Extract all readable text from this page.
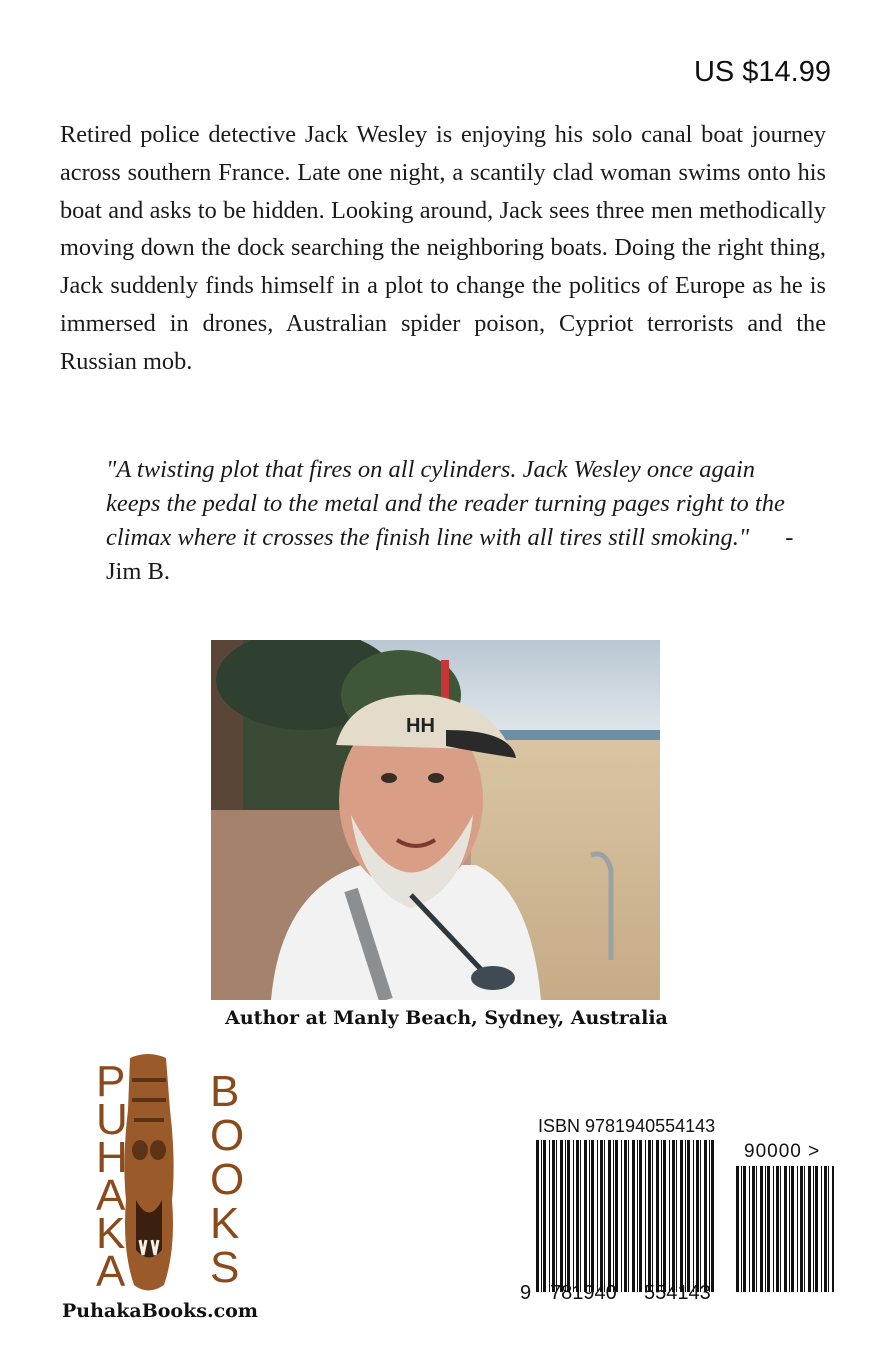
US $14.99
Retired police detective Jack Wesley is enjoying his solo canal boat journey across southern France. Late one night, a scantily clad woman swims onto his boat and asks to be hidden. Looking around, Jack sees three men methodically moving down the dock searching the neighboring boats. Doing the right thing, Jack suddenly finds himself in a plot to change the politics of Europe as he is immersed in drones, Australian spider poison, Cypriot terrorists and the Russian mob.
"A twisting plot that fires on all cylinders. Jack Wesley once again keeps the pedal to the metal and the reader turning pages right to the climax where it crosses the finish line with all tires still smoking." - Jim B.
HH
Author at Manly Beach, Sydney, Australia
P
U
H
A
K
A
B
O
O
K
S
PuhakaBooks.com
ISBN 9781940554143
90000 >
9 781940 554143
